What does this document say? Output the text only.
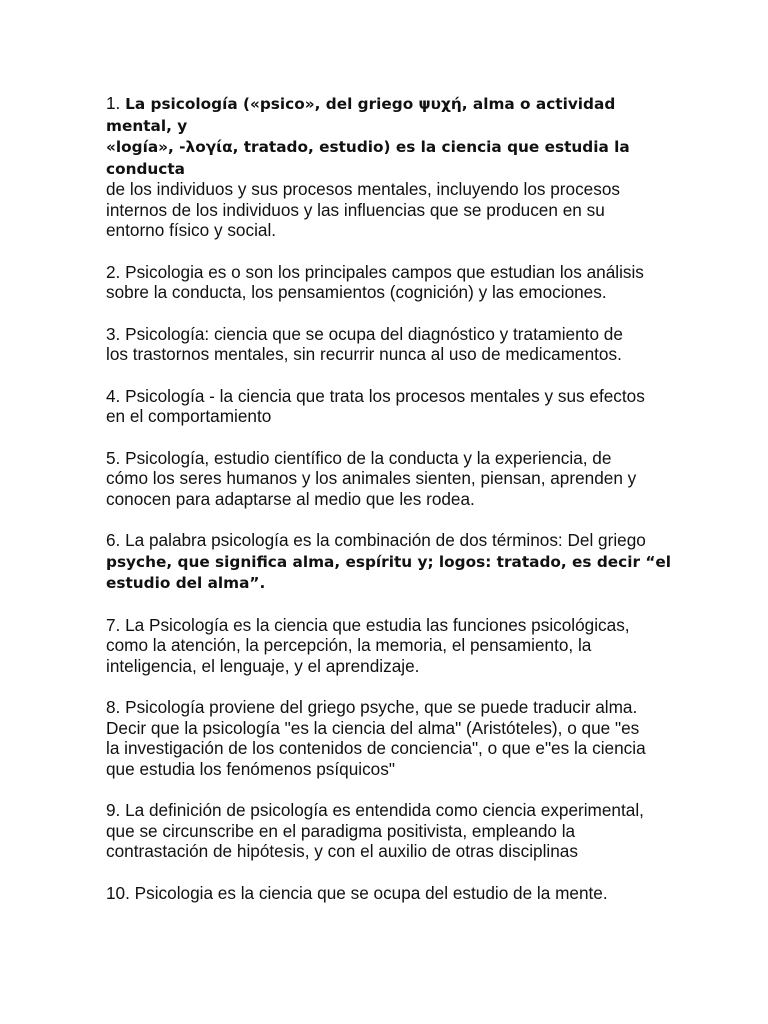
1. La psicología («psico», del griego ψυχή, alma o actividad mental, y
«logía», -λογία, tratado, estudio) es la ciencia que estudia la conducta
de los individuos y sus procesos mentales, incluyendo los procesos
internos de los individuos y las influencias que se producen en su
entorno físico y social.

2. Psicologia es o son los principales campos que estudian los análisis
sobre la conducta, los pensamientos (cognición) y las emociones.

3. Psicología: ciencia que se ocupa del diagnóstico y tratamiento de
los trastornos mentales, sin recurrir nunca al uso de medicamentos.

4. Psicología - la ciencia que trata los procesos mentales y sus efectos
en el comportamiento

5. Psicología, estudio científico de la conducta y la experiencia, de
cómo los seres humanos y los animales sienten, piensan, aprenden y
conocen para adaptarse al medio que les rodea.

6. La palabra psicología es la combinación de dos términos: Del griego
psyche, que significa alma, espíritu y; logos: tratado, es decir “el
estudio del alma”.

7. La Psicología es la ciencia que estudia las funciones psicológicas,
como la atención, la percepción, la memoria, el pensamiento, la
inteligencia, el lenguaje, y el aprendizaje.

8. Psicología proviene del griego psyche, que se puede traducir alma.
Decir que la psicología "es la ciencia del alma" (Aristóteles), o que "es
la investigación de los contenidos de conciencia", o que e"es la ciencia
que estudia los fenómenos psíquicos"

9. La definición de psicología es entendida como ciencia experimental,
que se circunscribe en el paradigma positivista, empleando la
contrastación de hipótesis, y con el auxilio de otras disciplinas

10. Psicologia es la ciencia que se ocupa del estudio de la mente.
